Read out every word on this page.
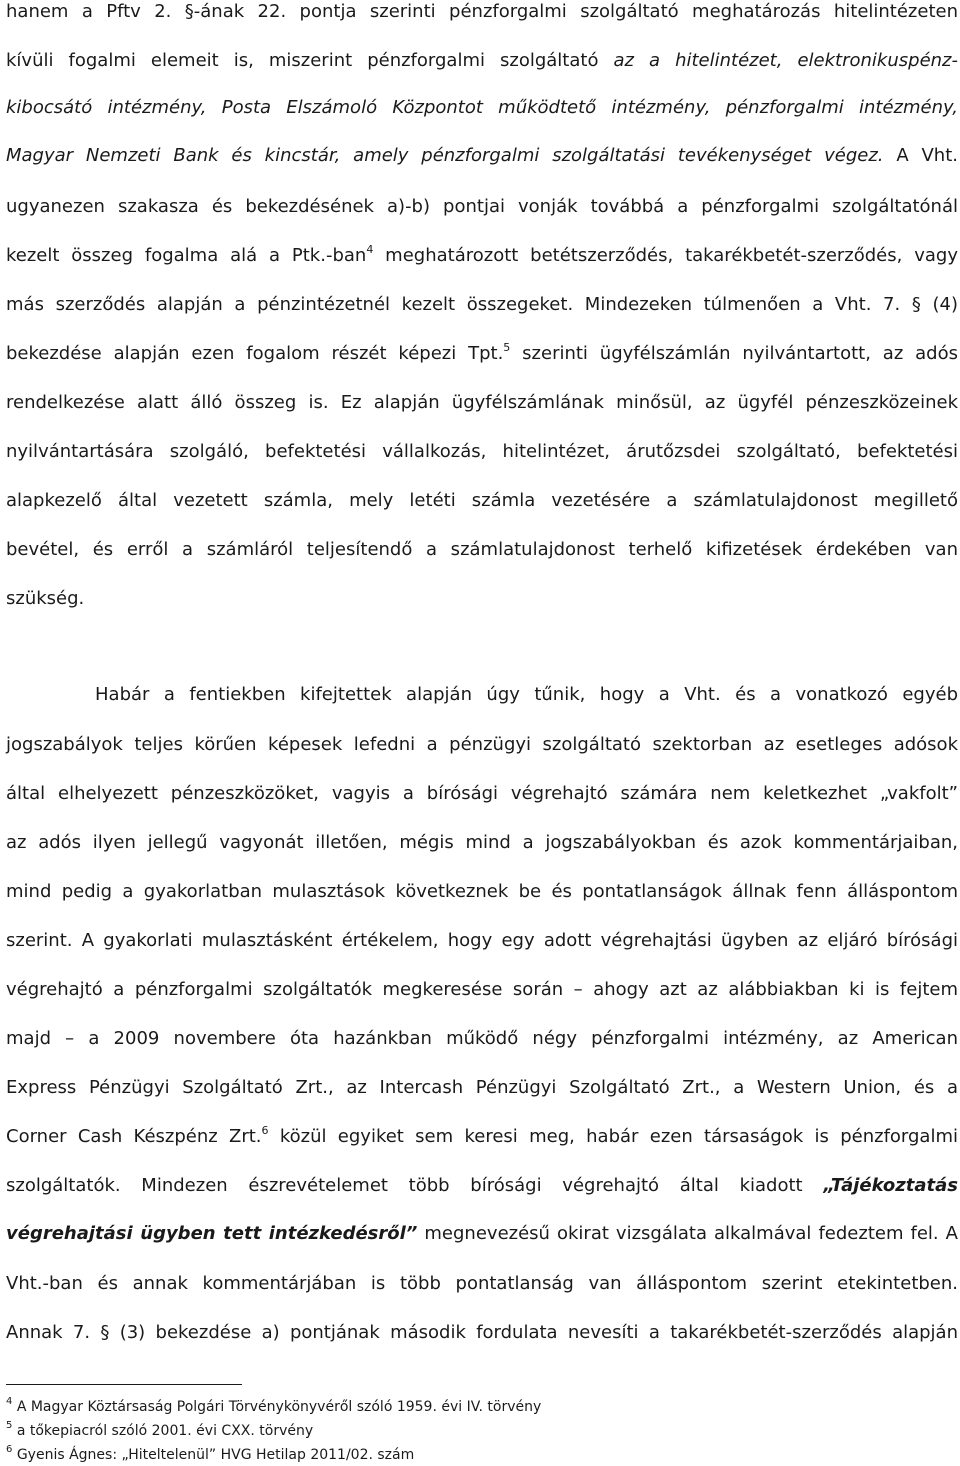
hanem a Pftv 2. §-ának 22. pontja szerinti pénzforgalmi szolgáltató meghatározás hitelintézeten
kívüli fogalmi elemeit is, miszerint pénzforgalmi szolgáltató az a hitelintézet, elektronikuspénz-
kibocsátó intézmény, Posta Elszámoló Központot működtető intézmény, pénzforgalmi intézmény,
Magyar Nemzeti Bank és kincstár, amely pénzforgalmi szolgáltatási tevékenységet végez. A Vht.
ugyanezen szakasza és bekezdésének a)-b) pontjai vonják továbbá a pénzforgalmi szolgáltatónál
kezelt összeg fogalma alá a Ptk.-ban$^4$ meghatározott betétszerződés, takarékbetét-szerződés, vagy
más szerződés alapján a pénzintézetnél kezelt összegeket. Mindezeken túlmenően a Vht. 7. § (4)
bekezdése alapján ezen fogalom részét képezi Tpt.$^5$ szerinti ügyfélszámlán nyilvántartott, az adós
rendelkezése alatt álló összeg is. Ez alapján ügyfélszámlának minősül, az ügyfél pénzeszközeinek
nyilvántartására szolgáló, befektetési vállalkozás, hitelintézet, árutőzsdei szolgáltató, befektetési
alapkezelő által vezetett számla, mely letéti számla vezetésére a számlatulajdonost megillető
bevétel, és erről a számláról teljesítendő a számlatulajdonost terhelő kifizetések érdekében van
szükség.
Habár a fentiekben kifejtettek alapján úgy tűnik, hogy a Vht. és a vonatkozó egyéb
jogszabályok teljes körűen képesek lefedni a pénzügyi szolgáltató szektorban az esetleges adósok
által elhelyezett pénzeszközöket, vagyis a bírósági végrehajtó számára nem keletkezhet „vakfolt”
az adós ilyen jellegű vagyonát illetően, mégis mind a jogszabályokban és azok kommentárjaiban,
mind pedig a gyakorlatban mulasztások következnek be és pontatlanságok állnak fenn álláspontom
szerint. A gyakorlati mulasztásként értékelem, hogy egy adott végrehajtási ügyben az eljáró bírósági
végrehajtó a pénzforgalmi szolgáltatók megkeresése során – ahogy azt az alábbiakban ki is fejtem
majd – a 2009 novembere óta hazánkban működő négy pénzforgalmi intézmény, az American
Express Pénzügyi Szolgáltató Zrt., az Intercash Pénzügyi Szolgáltató Zrt., a Western Union, és a
Corner Cash Készpénz Zrt.$^6$ közül egyiket sem keresi meg, habár ezen társaságok is pénzforgalmi
szolgáltatók. Mindezen észrevételemet több bírósági végrehajtó által kiadott „Tájékoztatás
végrehajtási ügyben tett intézkedésről” megnevezésű okirat vizsgálata alkalmával fedeztem fel. A
Vht.-ban és annak kommentárjában is több pontatlanság van álláspontom szerint etekintetben.
Annak 7. § (3) bekezdése a) pontjának második fordulata nevesíti a takarékbetét-szerződés alapján
$^4$ A Magyar Köztársaság Polgári Törvénykönyvéről szóló 1959. évi IV. törvény
$^5$ a tőkepiacról szóló 2001. évi CXX. törvény
$^6$ Gyenis Ágnes: „Hiteltelenül” HVG Hetilap 2011/02. szám
